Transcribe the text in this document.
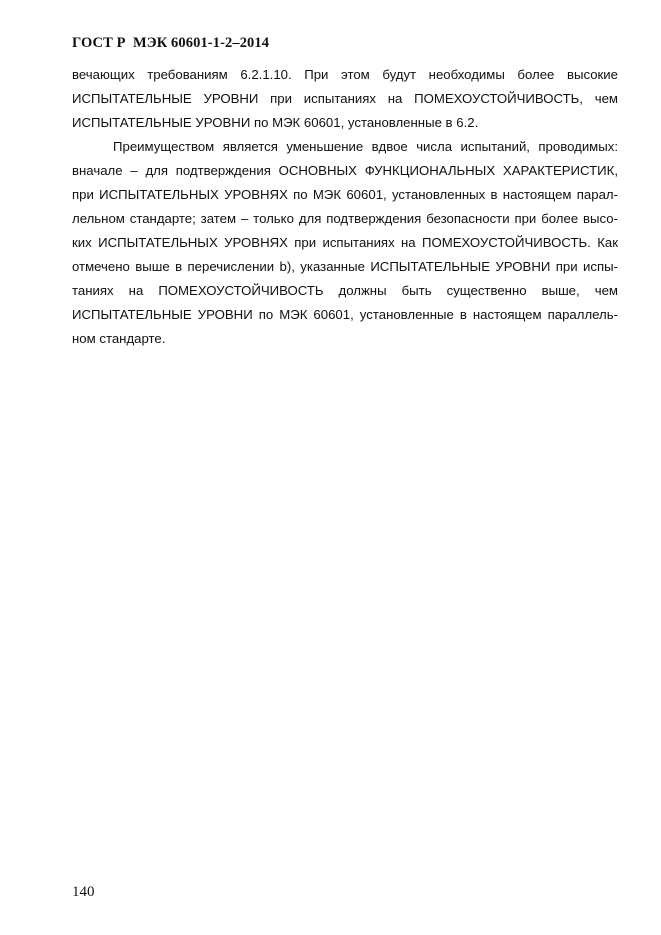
ГОСТ Р  МЭК 60601-1-2–2014
вечающих требованиям 6.2.1.10. При этом будут необходимы более высокие
ИСПЫТАТЕЛЬНЫЕ УРОВНИ при испытаниях на ПОМЕХОУСТОЙЧИВОСТЬ, чем
ИСПЫТАТЕЛЬНЫЕ УРОВНИ по МЭК 60601, установленные в 6.2.
Преимуществом является уменьшение вдвое числа испытаний, проводимых:
вначале – для подтверждения ОСНОВНЫХ ФУНКЦИОНАЛЬНЫХ ХАРАКТЕРИСТИК,
при ИСПЫТАТЕЛЬНЫХ УРОВНЯХ по МЭК 60601, установленных в настоящем парал-
лельном стандарте; затем – только для подтверждения безопасности при более высо-
ких ИСПЫТАТЕЛЬНЫХ УРОВНЯХ при испытаниях на ПОМЕХОУСТОЙЧИВОСТЬ. Как
отмечено выше в перечислении b), указанные ИСПЫТАТЕЛЬНЫЕ УРОВНИ при испы-
таниях на ПОМЕХОУСТОЙЧИВОСТЬ должны быть существенно выше, чем
ИСПЫТАТЕЛЬНЫЕ УРОВНИ по МЭК 60601, установленные в настоящем параллель-
ном стандарте.
140
